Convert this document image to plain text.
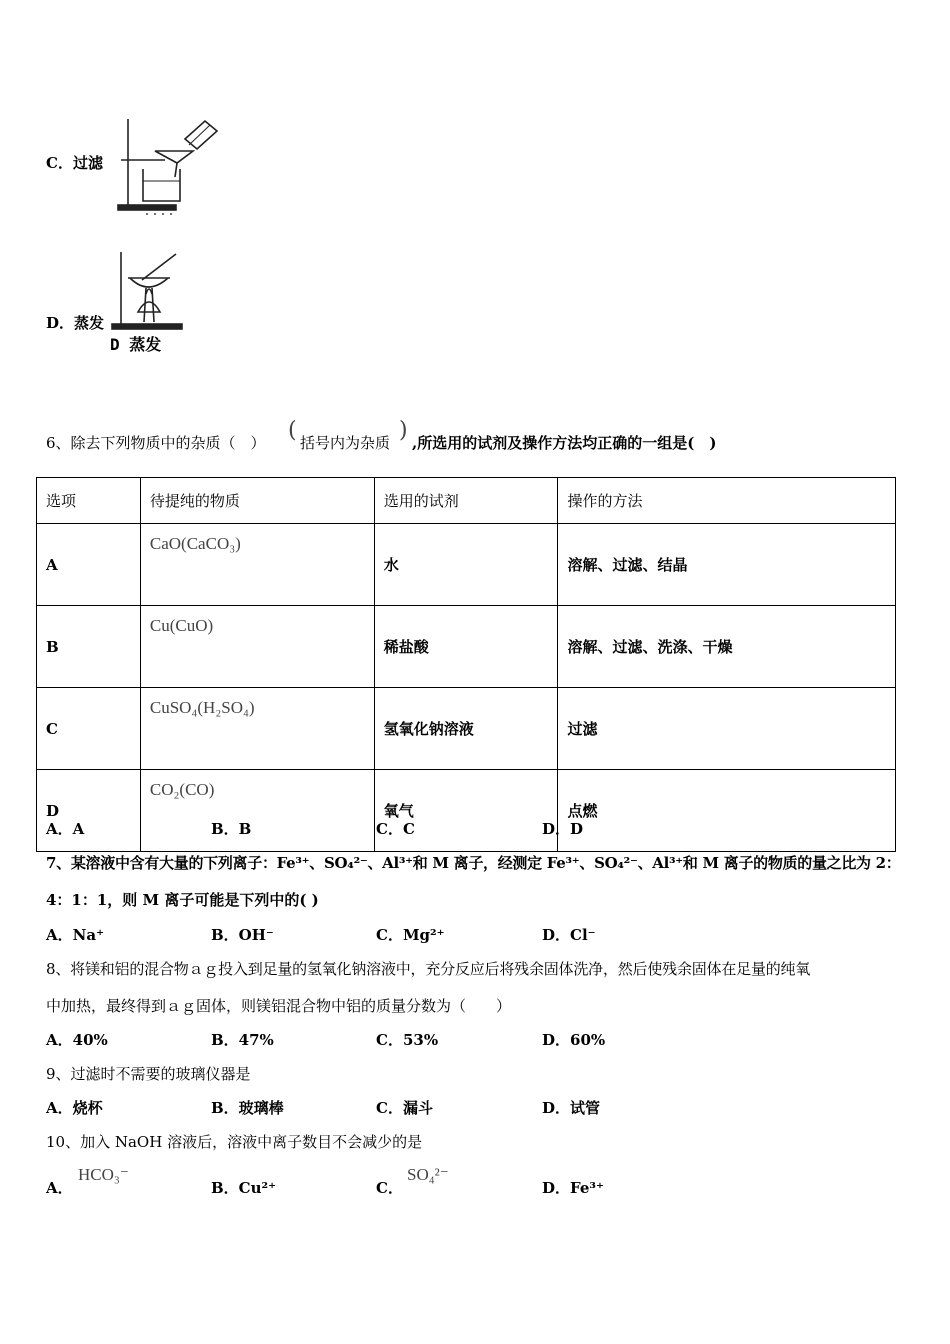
C．过滤
D．蒸发
D 蒸发
6、除去下列物质中的杂质（　） ( 括号内为杂质 ) ,所选用的试剂及操作方法均正确的一组是(　)
选项	待提纯的物质	选用的试剂	操作的方法
A	CaO(CaCO₃)	水	溶解、过滤、结晶
B	Cu(CuO)	稀盐酸	溶解、过滤、洗涤、干燥
C	CuSO₄(H₂SO₄)	氢氧化钠溶液	过滤
D	CO₂(CO)	氧气	点燃
A．A	B．B	C．C	D．D
7、某溶液中含有大量的下列离子：Fe³⁺、SO₄²⁻、Al³⁺和 M 离子，经测定 Fe³⁺、SO₄²⁻、Al³⁺和 M 离子的物质的量之比为 2：
4：1：1，则 M 离子可能是下列中的( )
A．Na⁺	B．OH⁻	C．Mg²⁺	D．Cl⁻
8、将镁和铝的混合物ａｇ投入到足量的氢氧化钠溶液中，充分反应后将残余固体洗净，然后使残余固体在足量的纯氧
中加热，最终得到ａｇ固体，则镁铝混合物中铝的质量分数为（　　）
A．40%	B．47%	C．53%	D．60%
9、过滤时不需要的玻璃仪器是
A．烧杯	B．玻璃棒	C．漏斗	D．试管
10、加入 NaOH 溶液后，溶液中离子数目不会减少的是
A．
HCO₃⁻
B．Cu²⁺	C．
SO₄²⁻
D．Fe³⁺
